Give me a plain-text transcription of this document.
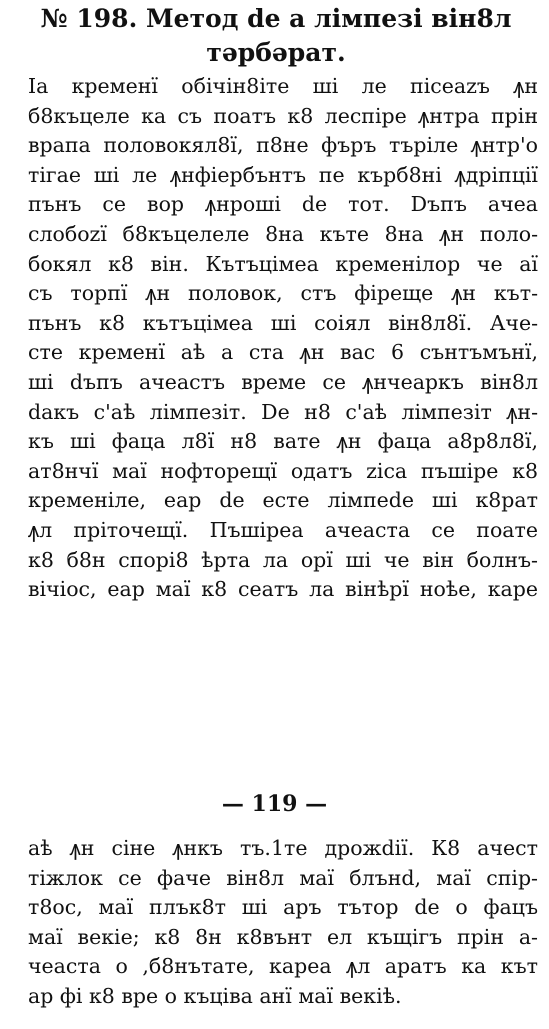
№ 198. Метод de a лімпезі він8л
тəрбəрат.
Іа кременї обічін8іте ші ле пісеаzъ ꙟн
б8къцеле ка съ поатъ к8 леспіре ꙟнтра прін
врапа половокял8ї, п8не фъръ търіле ꙟнтр'о
тігае ші ле ꙟнфіербънтъ пе кърб8ні ꙟдріпції
пънъ се вор ꙟнроші de тот. Dъпъ ачеа
слобоzї б8къцелеле 8на къте 8на ꙟн поло-
бокял к8 він. Кътъцімеа кременілор че аї
съ торпї ꙟн половок, стъ фіреще ꙟн кът-
пънъ к8 кътъцімеа ші соіял він8л8ї. Аче-
сте кременї аѣ а ста ꙟн вас 6 сънтъмънї,
ші dъпъ ачеастъ време се ꙟнчеаркъ він8л
dакъ с'аѣ лімпезіт. De н8 с'аѣ лімпезіт ꙟн-
къ ші фаца л8ї н8 вате ꙟн фаца а8р8л8ї,
ат8нчї маї нофторещї одатъ zіса пъшіре к8
кременіле, еар de есте лімпеde ші к8рат
ꙟл пріточещї. Пъшіреа ачеаста се поате
к8 б8н спорі8 ѣрта ла орї ші че він болнъ-
вічіос, еар маї к8 сеатъ ла вінѣрї ноѣе, каре
— 119 —
аѣ ꙟн сіне ꙟнкъ тъ.1те дрожdії. К8 ачест
тіжлок се фаче він8л маї блънd, маї спір-
т8ос, маї плък8т ші аръ тътор de о фацъ
маї векіе; к8 8н к8вънт ел къщігъ прін а-
чеаста о ,б8нътате, кареа ꙟл аратъ ка кът
ар фі к8 вре о къціва анї маї векіѣ.
